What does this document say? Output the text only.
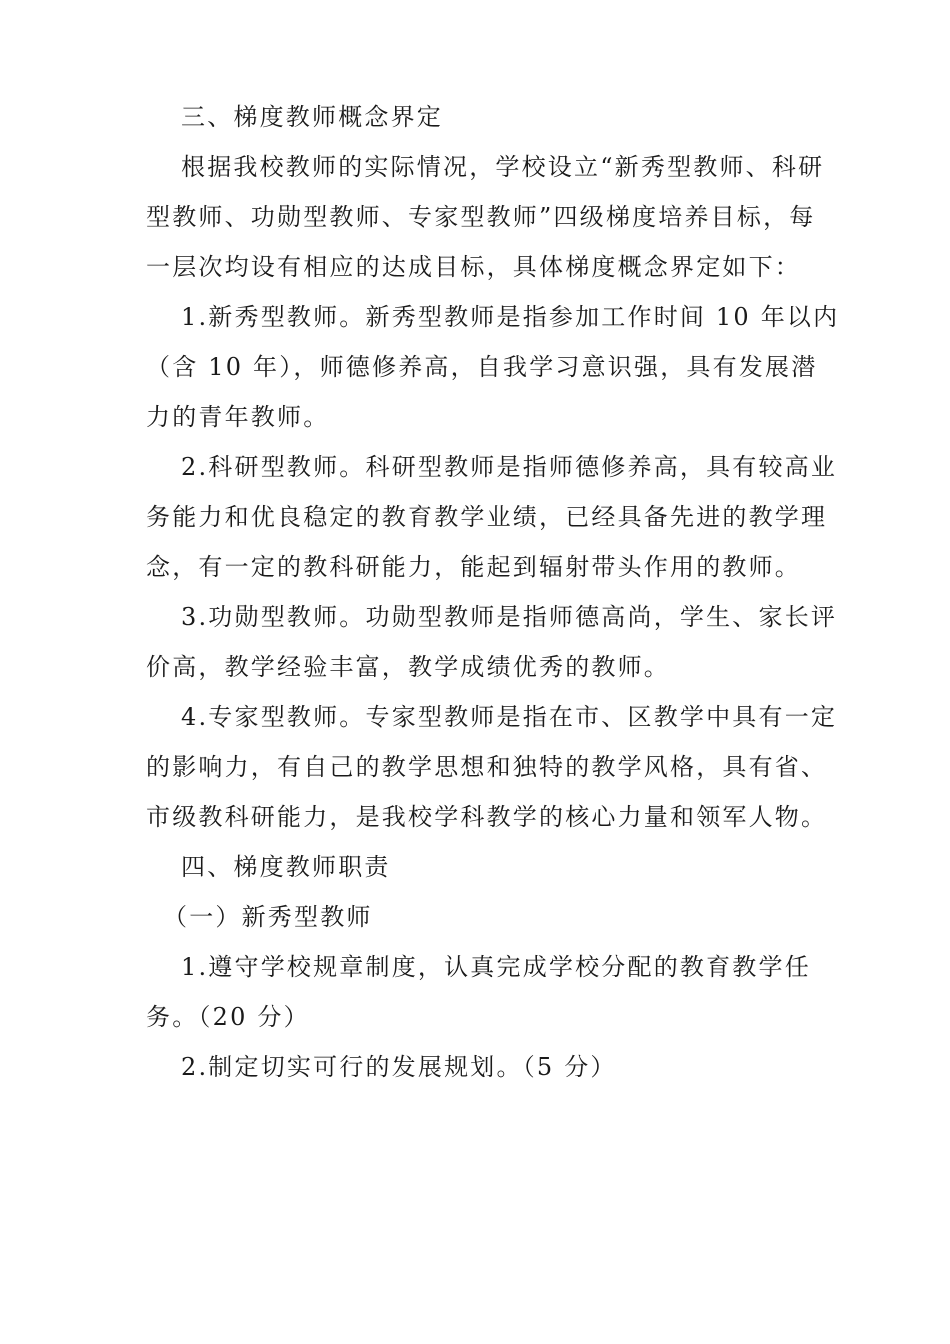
三、梯度教师概念界定
根据我校教师的实际情况，学校设立“新秀型教师、科研
型教师、功勋型教师、专家型教师”四级梯度培养目标，每
一层次均设有相应的达成目标，具体梯度概念界定如下：
1.新秀型教师。新秀型教师是指参加工作时间 10 年以内
（含 10 年），师德修养高，自我学习意识强，具有发展潜
力的青年教师。
2.科研型教师。科研型教师是指师德修养高，具有较高业
务能力和优良稳定的教育教学业绩，已经具备先进的教学理
念，有一定的教科研能力，能起到辐射带头作用的教师。
3.功勋型教师。功勋型教师是指师德高尚，学生、家长评
价高，教学经验丰富，教学成绩优秀的教师。
4.专家型教师。专家型教师是指在市、区教学中具有一定
的影响力，有自己的教学思想和独特的教学风格，具有省、
市级教科研能力，是我校学科教学的核心力量和领军人物。
四、梯度教师职责
（一）新秀型教师
1.遵守学校规章制度，认真完成学校分配的教育教学任
务。（20 分）
2.制定切实可行的发展规划。（5 分）
